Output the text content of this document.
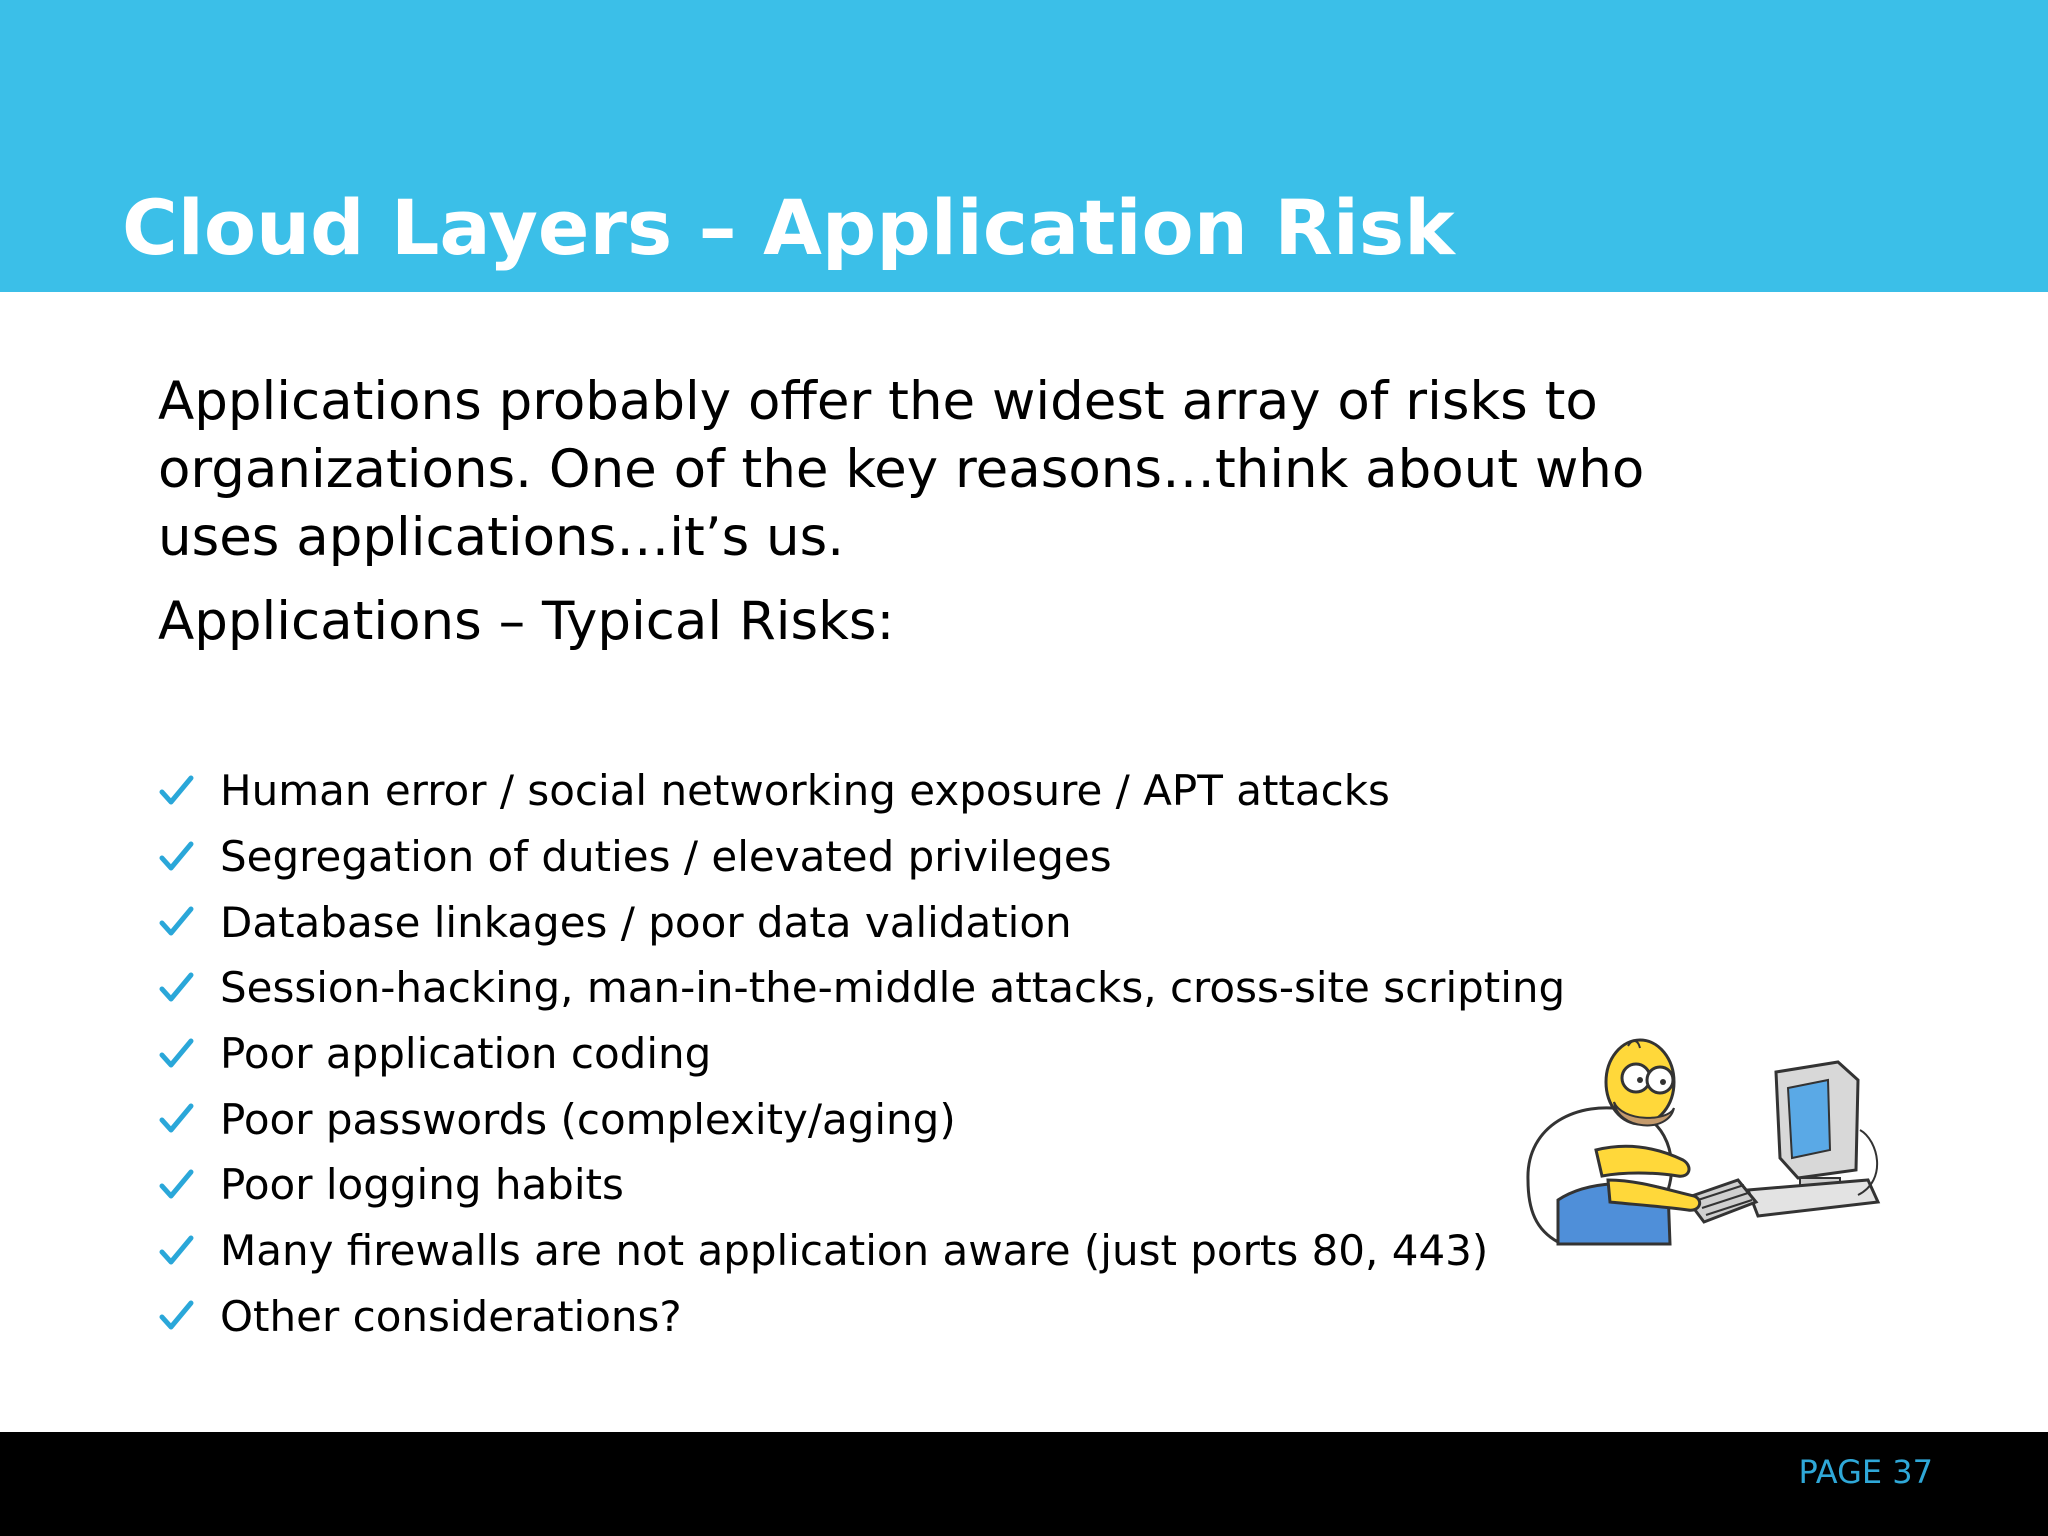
Cloud Layers – Application Risk

Applications probably offer the widest array of risks to organizations. One of the key reasons…think about who uses applications…it’s us.

Applications – Typical Risks:

Human error / social networking exposure / APT attacks
Segregation of duties / elevated privileges
Database linkages / poor data validation
Session-hacking, man-in-the-middle attacks, cross-site scripting
Poor application coding
Poor passwords (complexity/aging)
Poor logging habits
Many firewalls are not application aware (just ports 80, 443)
Other considerations?
PAGE 37
